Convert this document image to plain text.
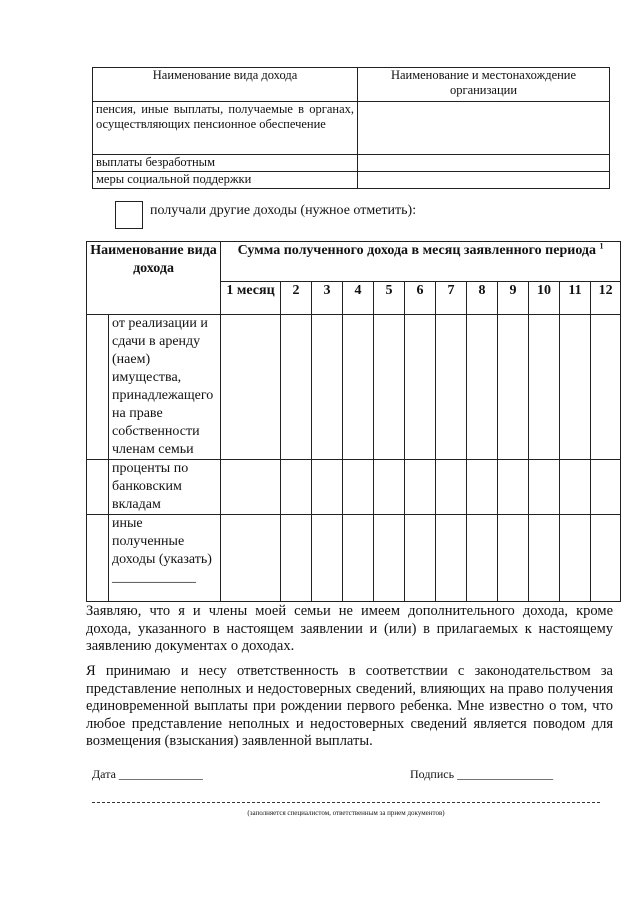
Наименование вида дохода	Наименование и местонахождение организации
пенсия, иные выплаты, получаемые в органах, осуществляющих пенсионное обеспечение	
выплаты безработным	
меры социальной поддержки	
получали другие доходы (нужное отметить):
Наименование вида дохода		Сумма полученного дохода в месяц заявленного периода $^1$
		1 месяц	2	3	4	5	6	7	8	9	10	11	12
	от реализации и сдачи в аренду (наем) имущества, принадлежащего на праве собственности членам семьи												
	проценты по банковским вкладам												
	иные полученные доходы (указать) ____________												
Заявляю, что я и члены моей семьи не имеем дополнительного дохода, кроме дохода, указанного в настоящем заявлении и (или) в прилагаемых к настоящему заявлению документах о доходах.
Я принимаю и несу ответственность в соответствии с законодательством за представление неполных и недостоверных сведений, влияющих на право получения единовременной выплаты при рождении первого ребенка. Мне известно о том, что любое представление неполных и недостоверных сведений является поводом для возмещения (взыскания) заявленной выплаты.
Дата ______________	Подпись ________________
(заполняется специалистом, ответственным за прием документов)
